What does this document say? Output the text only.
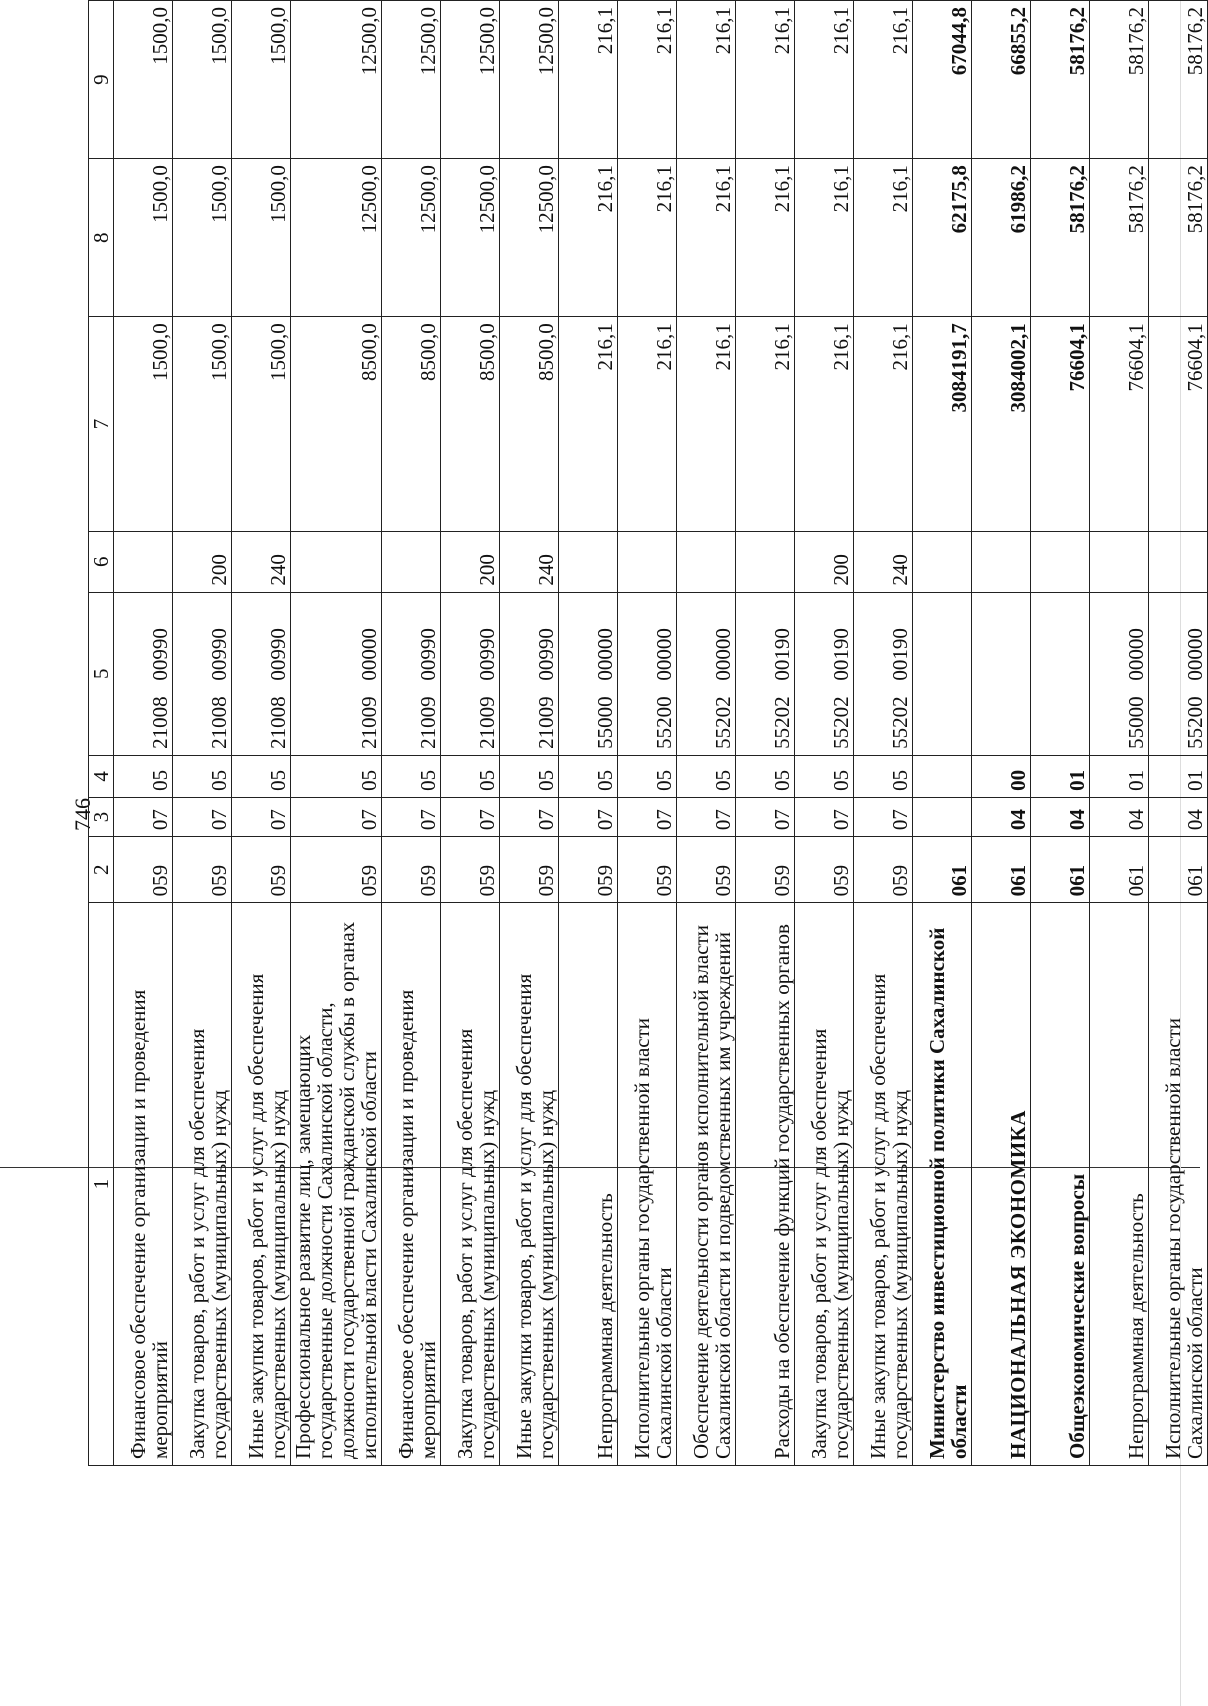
746
1	2	3	4	5	6	7	8	9
Финансовое обеспечение организации и проведения мероприятий	059	07	05	21008   00990		1500,0	1500,0	1500,0
Закупка товаров, работ и услуг для обеспечения государственных (муниципальных) нужд	059	07	05	21008   00990	200	1500,0	1500,0	1500,0
Иные закупки товаров, работ и услуг для обеспечения государственных (муниципальных) нужд	059	07	05	21008   00990	240	1500,0	1500,0	1500,0
Профессиональное развитие лиц, замещающих государственные должности Сахалинской области, должности государственной гражданской службы в органах исполнительной власти Сахалинской области	059	07	05	21009   00000		8500,0	12500,0	12500,0
Финансовое обеспечение организации и проведения мероприятий	059	07	05	21009   00990		8500,0	12500,0	12500,0
Закупка товаров, работ и услуг для обеспечения государственных (муниципальных) нужд	059	07	05	21009   00990	200	8500,0	12500,0	12500,0
Иные закупки товаров, работ и услуг для обеспечения государственных (муниципальных) нужд	059	07	05	21009   00990	240	8500,0	12500,0	12500,0
Непрограммная деятельность	059	07	05	55000   00000		216,1	216,1	216,1
Исполнительные органы государственной власти Сахалинской области	059	07	05	55200   00000		216,1	216,1	216,1
Обеспечение деятельности органов исполнительной власти Сахалинской области и подведомственных им учреждений	059	07	05	55202   00000		216,1	216,1	216,1
Расходы на обеспечение функций государственных органов	059	07	05	55202   00190		216,1	216,1	216,1
Закупка товаров, работ и услуг для обеспечения государственных (муниципальных) нужд	059	07	05	55202   00190	200	216,1	216,1	216,1
Иные закупки товаров, работ и услуг для обеспечения государственных (муниципальных) нужд	059	07	05	55202   00190	240	216,1	216,1	216,1
Министерство инвестиционной политики Сахалинской области	061					3084191,7	62175,8	67044,8
НАЦИОНАЛЬНАЯ ЭКОНОМИКА	061	04	00			3084002,1	61986,2	66855,2
Общеэкономические вопросы	061	04	01			76604,1	58176,2	58176,2
Непрограммная деятельность	061	04	01	55000   00000		76604,1	58176,2	58176,2
Исполнительные органы государственной власти Сахалинской области	061	04	01	55200   00000		76604,1	58176,2	58176,2
